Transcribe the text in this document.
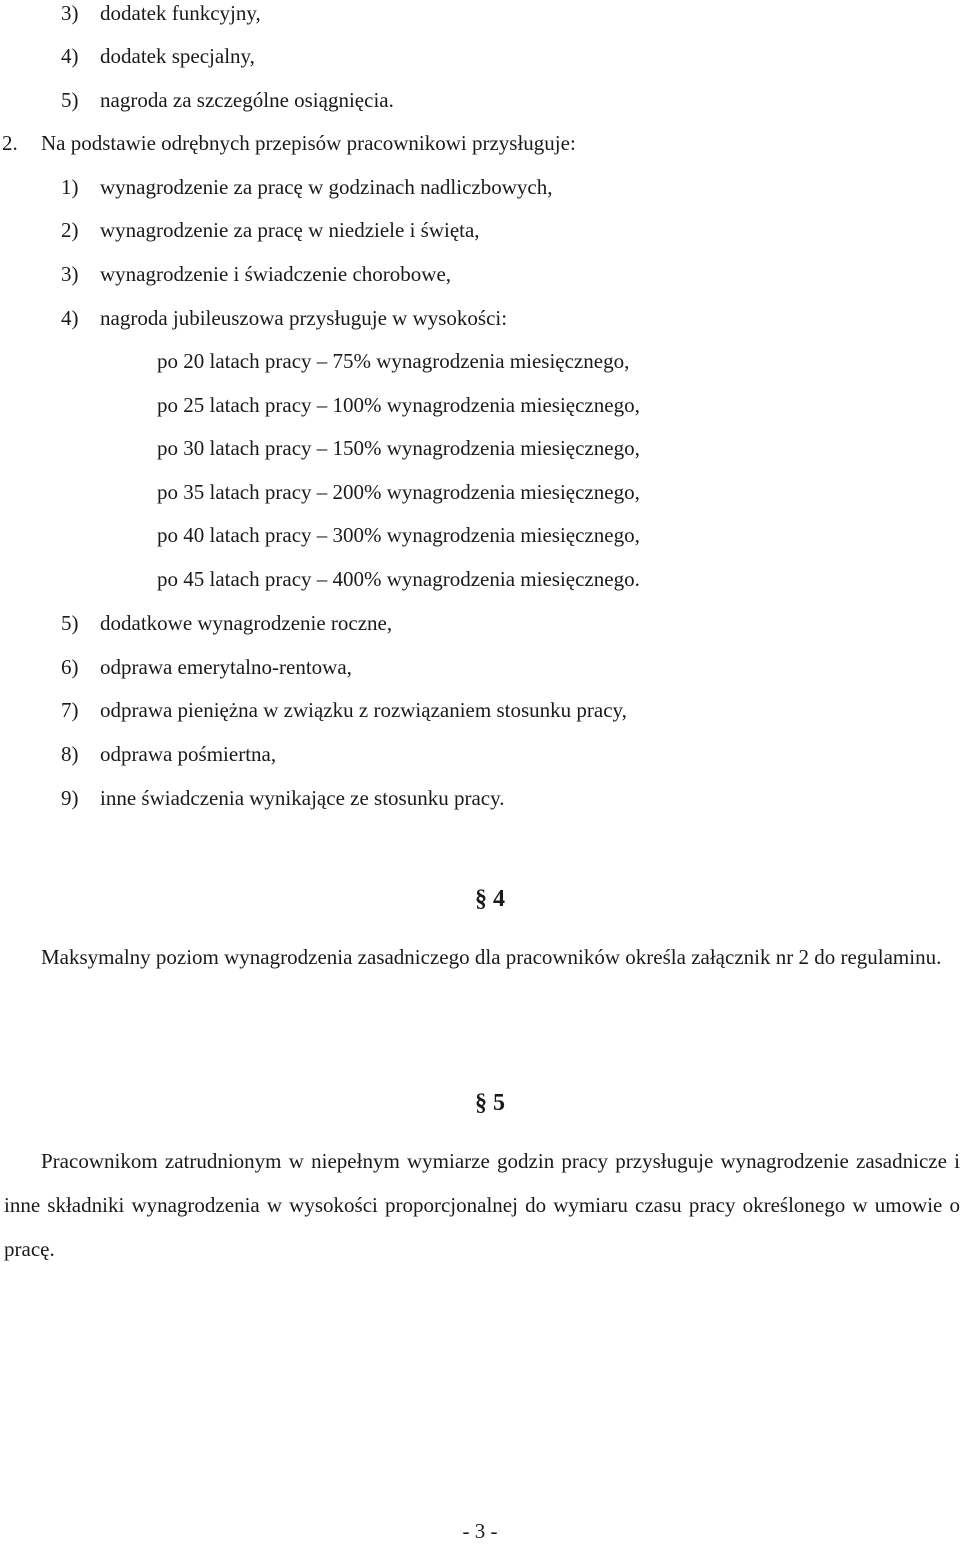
3) dodatek funkcyjny,
4) dodatek specjalny,
5) nagroda za szczególne osiągnięcia.
2. Na podstawie odrębnych przepisów pracownikowi przysługuje:
1) wynagrodzenie za pracę w godzinach nadliczbowych,
2) wynagrodzenie za pracę w niedziele i święta,
3) wynagrodzenie i świadczenie chorobowe,
4) nagroda jubileuszowa przysługuje w wysokości:
po 20 latach pracy – 75% wynagrodzenia miesięcznego,
po 25 latach pracy – 100% wynagrodzenia miesięcznego,
po 30 latach pracy – 150% wynagrodzenia miesięcznego,
po 35 latach pracy – 200% wynagrodzenia miesięcznego,
po 40 latach pracy – 300% wynagrodzenia miesięcznego,
po 45 latach pracy – 400% wynagrodzenia miesięcznego.
5) dodatkowe wynagrodzenie roczne,
6) odprawa emerytalno-rentowa,
7) odprawa pieniężna w związku z rozwiązaniem stosunku pracy,
8) odprawa pośmiertna,
9) inne świadczenia wynikające ze stosunku pracy.
§ 4
Maksymalny poziom wynagrodzenia zasadniczego dla pracowników określa załącznik nr 2 do regulaminu.
§ 5
Pracownikom zatrudnionym w niepełnym wymiarze godzin pracy przysługuje wynagrodzenie zasadnicze i inne składniki wynagrodzenia w wysokości proporcjonalnej do wymiaru czasu pracy określonego w umowie o pracę.
- 3 -
